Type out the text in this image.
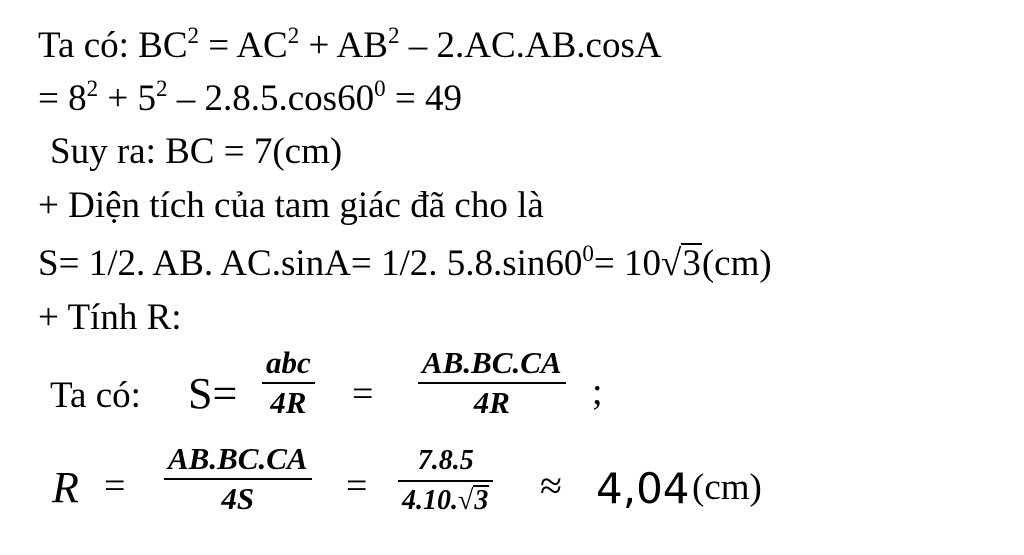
Ta có: $BC^2 = AC^2 + AB^2 - 2.AC.AB.\cos A$
= $8^2 + 5^2 - 2.8.5.\cos 60^0 = 49$
Suy ra: BC = 7(cm)
+ Diện tích của tam giác đã cho là
S= 1/2. AB. AC.sinA= 1/2. $5.8.\sin 60^0= 10√3(cm)$
+ Tính R:
Ta có: S=
abc
4R =
AB.BC.CA
4R ;
R =
AB.BC.CA
4S =
7.8.5
4.10.√3 ≈ 4,04 (cm)
